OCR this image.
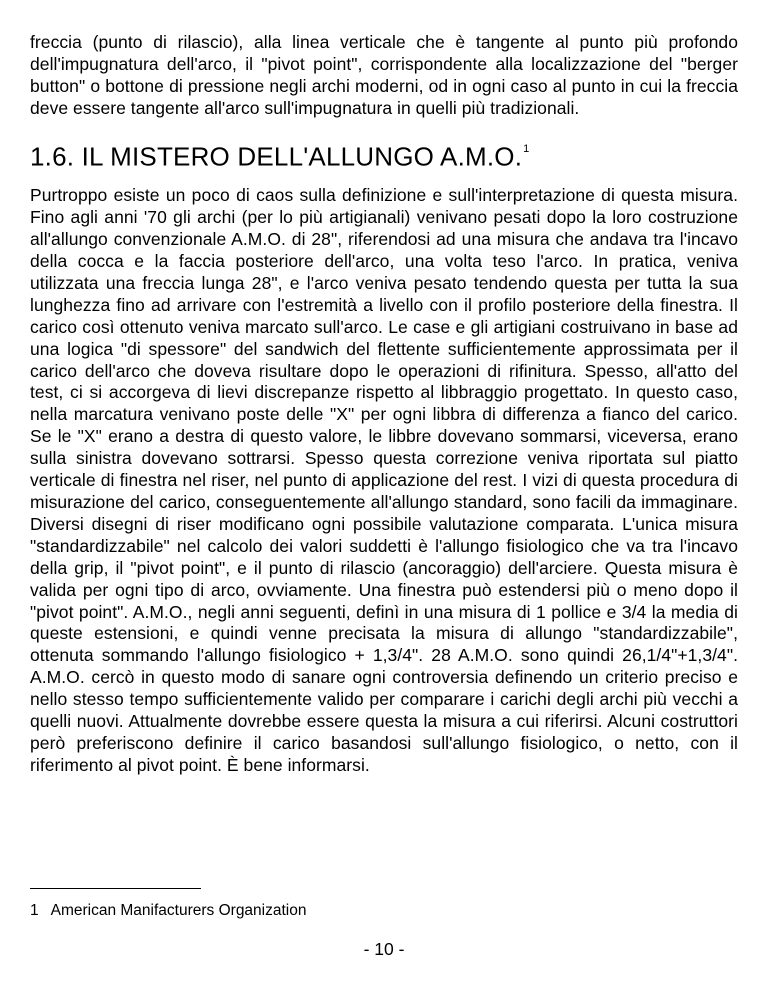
freccia (punto di rilascio), alla linea verticale che è tangente al punto più profondo dell'impugnatura dell'arco, il "pivot point", corrispondente alla localizzazione del "berger button" o bottone di pressione negli archi moderni, od in ogni caso al punto in cui la freccia deve essere tangente all'arco sull'impugnatura in quelli più tradizionali.

1.6. IL MISTERO DELL'ALLUNGO A.M.O.$^1$

Purtroppo esiste un poco di caos sulla definizione e sull'interpretazione di questa misura. Fino agli anni '70 gli archi (per lo più artigianali) venivano pesati dopo la loro costruzione all'allungo convenzionale A.M.O. di 28", riferendosi ad una misura che andava tra l'incavo della cocca e la faccia posteriore dell'arco, una volta teso l'arco. In pratica, veniva utilizzata una freccia lunga 28", e l'arco veniva pesato tendendo questa per tutta la sua lunghezza fino ad arrivare con l'estremità a livello con il profilo posteriore della finestra. Il carico così ottenuto veniva marcato sull'arco. Le case e gli artigiani costruivano in base ad una logica "di spessore" del sandwich del flettente sufficientemente approssimata per il carico dell'arco che doveva risultare dopo le operazioni di rifinitura. Spesso, all'atto del test, ci si accorgeva di lievi discrepanze rispetto al libbraggio progettato. In questo caso, nella marcatura venivano poste delle "X" per ogni libbra di differenza a fianco del carico. Se le "X" erano a destra di questo valore, le libbre dovevano sommarsi, viceversa, erano sulla sinistra dovevano sottrarsi. Spesso questa correzione veniva riportata sul piatto verticale di finestra nel riser, nel punto di applicazione del rest. I vizi di questa procedura di misurazione del carico, conseguentemente all'allungo standard, sono facili da immaginare. Diversi disegni di riser modificano ogni possibile valutazione comparata. L'unica misura "standardizzabile" nel calcolo dei valori suddetti è l'allungo fisiologico che va tra l'incavo della grip, il "pivot point", e il punto di rilascio (ancoraggio) dell'arciere. Questa misura è valida per ogni tipo di arco, ovviamente. Una finestra può estendersi più o meno dopo il "pivot point". A.M.O., negli anni seguenti, definì in una misura di 1 pollice e 3/4 la media di queste estensioni, e quindi venne precisata la misura di allungo "standardizzabile", ottenuta sommando l'allungo fisiologico + 1,3/4". 28 A.M.O. sono quindi 26,1/4"+1,3/4". A.M.O. cercò in questo modo di sanare ogni controversia definendo un criterio preciso e nello stesso tempo sufficientemente valido per comparare i carichi degli archi più vecchi a quelli nuovi. Attualmente dovrebbe essere questa la misura a cui riferirsi. Alcuni costruttori però preferiscono definire il carico basandosi sull'allungo fisiologico, o netto, con il riferimento al pivot point. È bene informarsi.

1 American Manifacturers Organization
- 10 -
